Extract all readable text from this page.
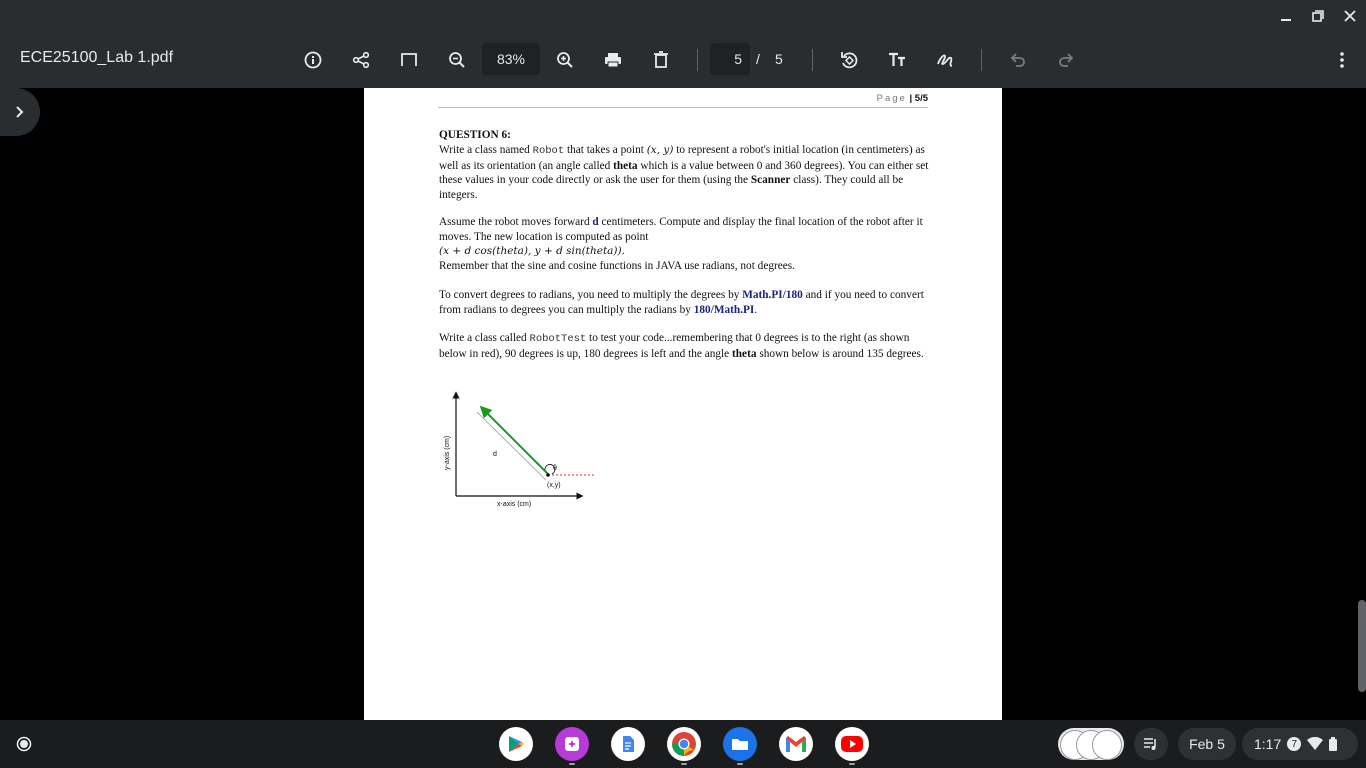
ECE25100_Lab 1.pdf	83%	5	/ 5
Page | 5/5
QUESTION 6:
Write a class named Robot that takes a point (x, y) to represent a robot's initial location (in centimeters) as well as its orientation (an angle called theta which is a value between 0 and 360 degrees). You can either set these values in your code directly or ask the user for them (using the Scanner class). They could all be integers.
Assume the robot moves forward d centimeters. Compute and display the final location of the robot after it moves. The new location is computed as point
(x + d cos(theta), y + d sin(theta)).
Remember that the sine and cosine functions in JAVA use radians, not degrees.
To convert degrees to radians, you need to multiply the degrees by Math.PI/180 and if you need to convert from radians to degrees you can multiply the radians by 180/Math.PI.
Write a class called RobotTest to test your code...remembering that 0 degrees is to the right (as shown below in red), 90 degrees is up, 180 degrees is left and the angle theta shown below is around 135 degrees.
d
θ
(x,y)
x-axis (cm)
y-axis (cm)
Feb 5	1:17	7
